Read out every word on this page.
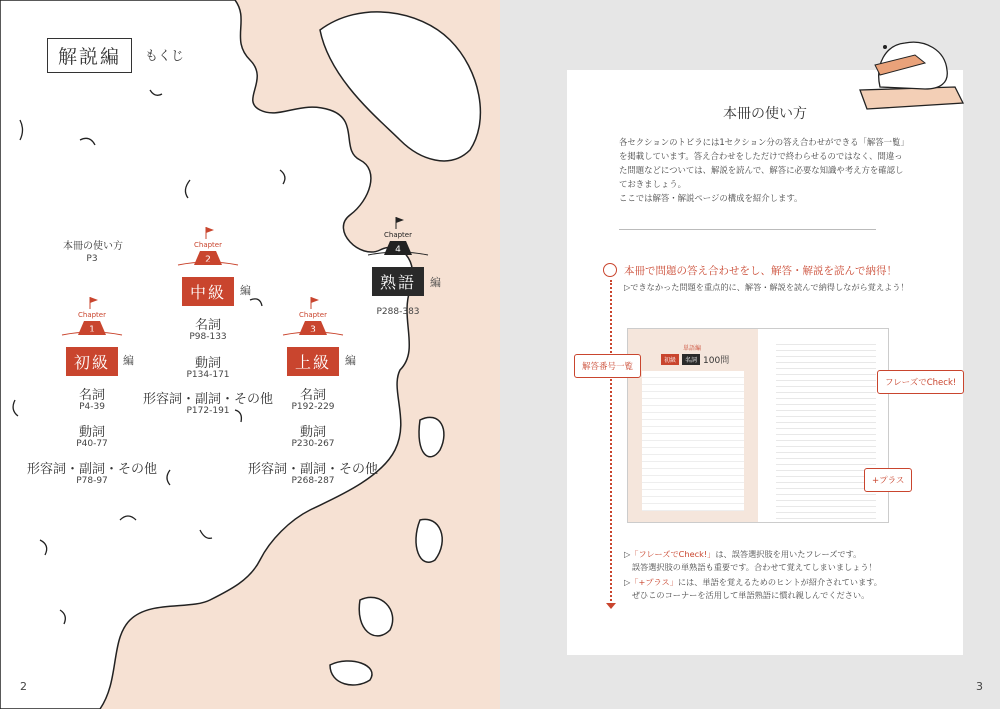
解説編	もくじ
本冊の使い方
P3
Chapter
1
初級	編
名詞
P4-39
動詞
P40-77
形容詞・副詞・その他
P78-97
Chapter
2
中級	編
名詞
P98-133
動詞
P134-171
形容詞・副詞・その他
P172-191
Chapter
3
上級	編
名詞
P192-229
動詞
P230-267
形容詞・副詞・その他
P268-287
Chapter
4
熟語	編
P288-383
2
本冊の使い方
各セクションのトビラには1セクション分の答え合わせができる「解答一覧」を掲載しています。答え合わせをしただけで終わらせるのではなく、間違った問題などについては、解説を読んで、解答に必要な知識や考え方を確認しておきましょう。
ここでは解答・解説ページの構成を紹介します。
本冊で問題の答え合わせをし、解答・解説を読んで納得！
▷できなかった問題を重点的に、解答・解説を読んで納得しながら覚えよう！
単語編
初級	名詞 100問
解答番号一覧
フレーズでCheck!
+プラス
▷「フレーズでCheck!」は、誤答選択肢を用いたフレーズです。
誤答選択肢の単熟語も重要です。合わせて覚えてしまいましょう！
▷「+プラス」には、単語を覚えるためのヒントが紹介されています。
ぜひこのコーナーを活用して単語熟語に慣れ親しんでください。
3
